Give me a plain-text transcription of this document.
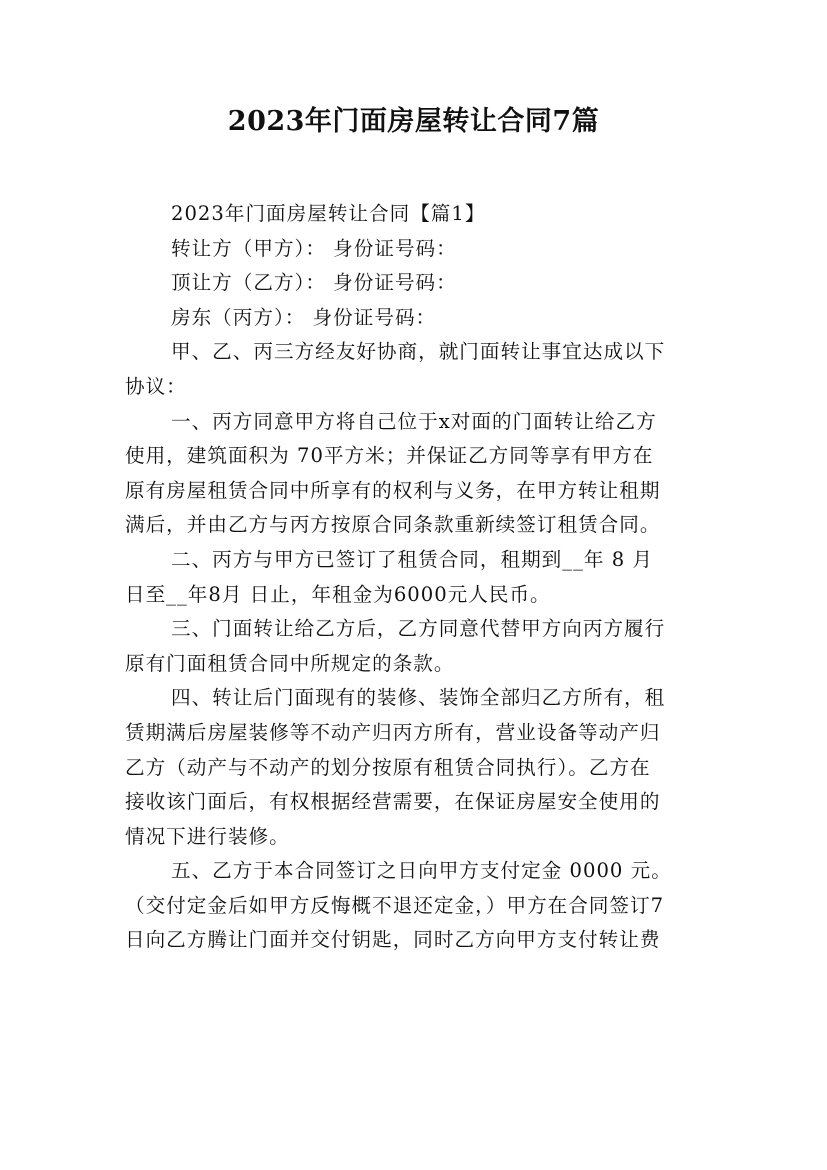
2023年门面房屋转让合同7篇
2023年门面房屋转让合同【篇1】
转让方（甲方）： 身份证号码：
顶让方（乙方）： 身份证号码：
房东（丙方）： 身份证号码：
甲、乙、丙三方经友好协商，就门面转让事宜达成以下
协议：
一、丙方同意甲方将自己位于x对面的门面转让给乙方
使用，建筑面积为 70平方米；并保证乙方同等享有甲方在
原有房屋租赁合同中所享有的权利与义务，在甲方转让租期
满后，并由乙方与丙方按原合同条款重新续签订租赁合同。
二、丙方与甲方已签订了租赁合同，租期到__年 8 月
日至__年8月 日止，年租金为6000元人民币。
三、门面转让给乙方后，乙方同意代替甲方向丙方履行
原有门面租赁合同中所规定的条款。
四、转让后门面现有的装修、装饰全部归乙方所有，租
赁期满后房屋装修等不动产归丙方所有，营业设备等动产归
乙方（动产与不动产的划分按原有租赁合同执行）。乙方在
接收该门面后，有权根据经营需要，在保证房屋安全使用的
情况下进行装修。
五、乙方于本合同签订之日向甲方支付定金 0000 元。
（交付定金后如甲方反悔概不退还定金，）甲方在合同签订7
日向乙方腾让门面并交付钥匙，同时乙方向甲方支付转让费
